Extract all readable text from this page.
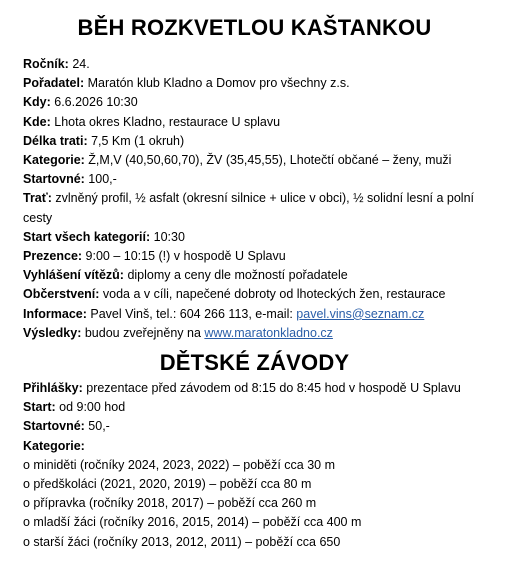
BĚH ROZKVETLOU KAŠTANKOU
Ročník: 24.
Pořadatel: Maratón klub Kladno a Domov pro všechny z.s.
Kdy: 6.6.2026 10:30
Kde: Lhota okres Kladno, restaurace U splavu
Délka trati: 7,5 Km (1 okruh)
Kategorie: Ž,M,V (40,50,60,70), ŽV (35,45,55), Lhotečtí občané – ženy, muži
Startovné: 100,-
Trať: zvlněný profil, ½ asfalt (okresní silnice + ulice v obci), ½ solidní lesní a polní cesty
Start všech kategorií: 10:30
Prezence: 9:00 – 10:15 (!) v hospodě U Splavu
Vyhlášení vítězů: diplomy a ceny dle možností pořadatele
Občerstvení: voda a v cíli, napečené dobroty od lhoteckých žen, restaurace
Informace: Pavel Vinš, tel.: 604 266 113, e-mail: pavel.vins@seznam.cz
Výsledky: budou zveřejněny na www.maratonkladno.cz
DĚTSKÉ ZÁVODY
Přihlášky: prezentace před závodem od 8:15 do 8:45 hod v hospodě U Splavu
Start: od 9:00 hod
Startovné: 50,-
Kategorie:
o miniděti (ročníky 2024, 2023, 2022) – poběží cca 30 m
o předškoláci (2021, 2020, 2019) – poběží cca 80 m
o přípravka (ročníky 2018, 2017) – poběží cca 260 m
o mladší žáci (ročníky 2016, 2015, 2014) – poběží cca 400 m
o starší žáci (ročníky 2013, 2012, 2011) – poběží cca 650
